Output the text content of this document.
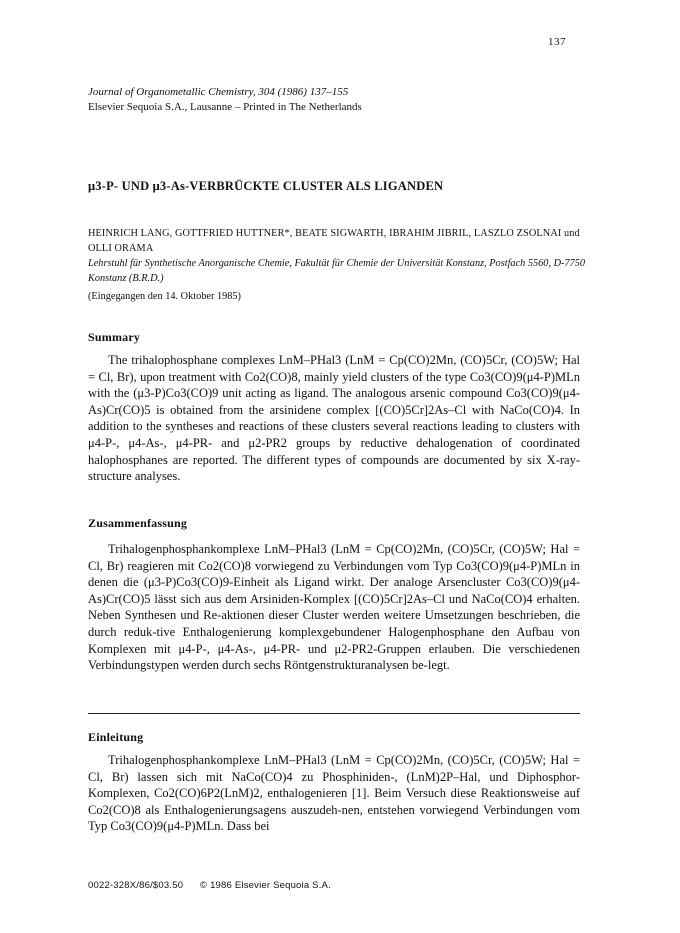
137
Journal of Organometallic Chemistry, 304 (1986) 137–155
Elsevier Sequoia S.A., Lausanne – Printed in The Netherlands
μ3-P- UND μ3-As-VERBRÜCKTE CLUSTER ALS LIGANDEN
HEINRICH LANG, GOTTFRIED HUTTNER*, BEATE SIGWARTH, IBRAHIM JIBRIL, LASZLO ZSOLNAI und OLLI ORAMA
Lehrstuhl für Synthetische Anorganische Chemie, Fakultät für Chemie der Universität Konstanz, Postfach 5560, D-7750 Konstanz (B.R.D.)
(Eingegangen den 14. Oktober 1985)
Summary

The trihalophosphane complexes LnM–PHal3 (LnM = Cp(CO)2Mn, (CO)5Cr, (CO)5W; Hal = Cl, Br), upon treatment with Co2(CO)8, mainly yield clusters of the type Co3(CO)9(μ4-P)MLn with the (μ3-P)Co3(CO)9 unit acting as ligand. The analogous arsenic compound Co3(CO)9(μ4-As)Cr(CO)5 is obtained from the arsinidene complex [(CO)5Cr]2As–Cl with NaCo(CO)4. In addition to the syntheses and reactions of these clusters several reactions leading to clusters with μ4-P-, μ4-As-, μ4-PR- and μ2-PR2 groups by reductive dehalogenation of coordinated halophosphanes are reported. The different types of compounds are documented by six X-ray-structure analyses.

Zusammenfassung

Trihalogenphosphankomplexe LnM–PHal3 (LnM = Cp(CO)2Mn, (CO)5Cr, (CO)5W; Hal = Cl, Br) reagieren mit Co2(CO)8 vorwiegend zu Verbindungen vom Typ Co3(CO)9(μ4-P)MLn in denen die (μ3-P)Co3(CO)9-Einheit als Ligand wirkt. Der analoge Arsencluster Co3(CO)9(μ4-As)Cr(CO)5 lässt sich aus dem Arsiniden-Komplex [(CO)5Cr]2As–Cl und NaCo(CO)4 erhalten. Neben Synthesen und Re-aktionen dieser Cluster werden weitere Umsetzungen beschrieben, die durch reduk-tive Enthalogenierung komplexgebundener Halogenphosphane den Aufbau von Komplexen mit μ4-P-, μ4-As-, μ4-PR- und μ2-PR2-Gruppen erlauben. Die verschiedenen Verbindungstypen werden durch sechs Röntgenstrukturanalysen be-legt.

Einleitung

Trihalogenphosphankomplexe LnM–PHal3 (LnM = Cp(CO)2Mn, (CO)5Cr, (CO)5W; Hal = Cl, Br) lassen sich mit NaCo(CO)4 zu Phosphiniden-, (LnM)2P–Hal, und Diphosphor-Komplexen, Co2(CO)6P2(LnM)2, enthalogenieren [1]. Beim Versuch diese Reaktionsweise auf Co2(CO)8 als Enthalogenierungsagens auszudeh-nen, entstehen vorwiegend Verbindungen vom Typ Co3(CO)9(μ4-P)MLn. Dass bei

0022-328X/86/$03.50 © 1986 Elsevier Sequoia S.A.
